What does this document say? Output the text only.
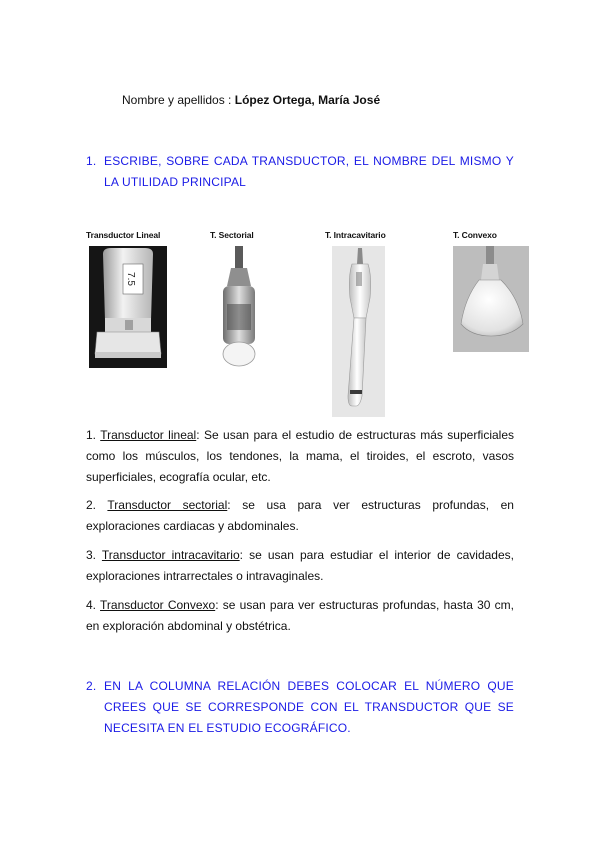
Nombre y apellidos : López Ortega, María José
1. ESCRIBE, SOBRE CADA TRANSDUCTOR, EL NOMBRE DEL MISMO Y LA UTILIDAD PRINCIPAL
Transductor Lineal	T. Sectorial	T. Intracavitario	T. Convexo
7.5
1. Transductor lineal: Se usan para el estudio de estructuras más superficiales como los músculos, los tendones, la mama, el tiroides, el escroto, vasos superficiales, ecografía ocular, etc.
2. Transductor sectorial: se usa para ver estructuras profundas, en exploraciones cardiacas y abdominales.
3. Transductor intracavitario: se usan para estudiar el interior de cavidades, exploraciones intrarrectales o intravaginales.
4. Transductor Convexo: se usan para ver estructuras profundas, hasta 30 cm, en exploración abdominal y obstétrica.
2. EN LA COLUMNA RELACIÓN DEBES COLOCAR EL NÚMERO QUE CREES QUE SE CORRESPONDE CON EL TRANSDUCTOR QUE SE NECESITA EN EL ESTUDIO ECOGRÁFICO.
